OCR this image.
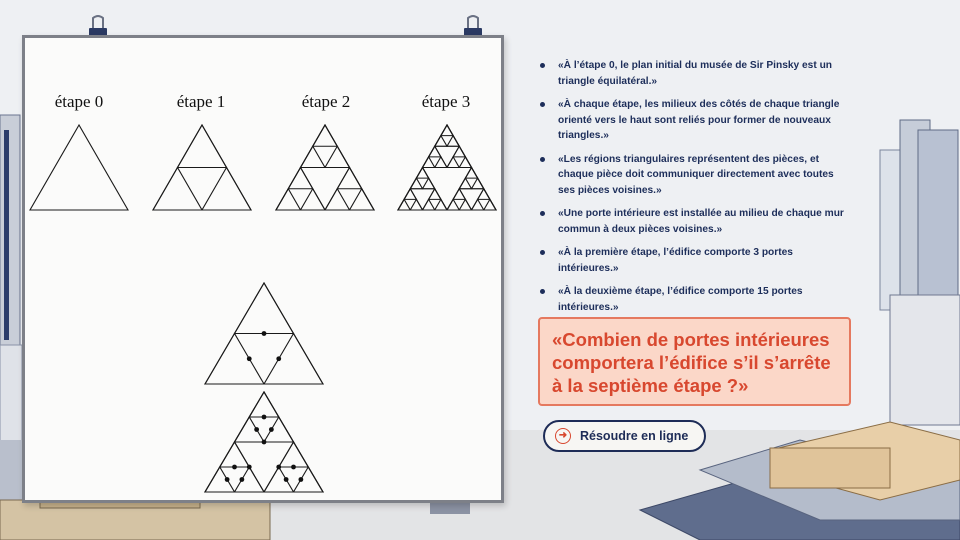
étape 0	étape 1	étape 2	étape 3
«À l’étape 0, le plan initial du musée de Sir Pinsky est un triangle équilatéral.»
«À chaque étape, les milieux des côtés de chaque triangle orienté vers le haut sont reliés pour former de nouveaux triangles.»
«Les régions triangulaires représentent des pièces, et chaque pièce doit communiquer directement avec toutes ses pièces voisines.»
«Une porte intérieure est installée au milieu de chaque mur commun à deux pièces voisines.»
«À la première étape, l’édifice comporte 3 portes intérieures.»
«À la deuxième étape, l’édifice comporte 15 portes intérieures.»
«Combien de portes intérieures comportera l’édifice s’il s’arrête à la septième étape ?»
➜	Résoudre en ligne
